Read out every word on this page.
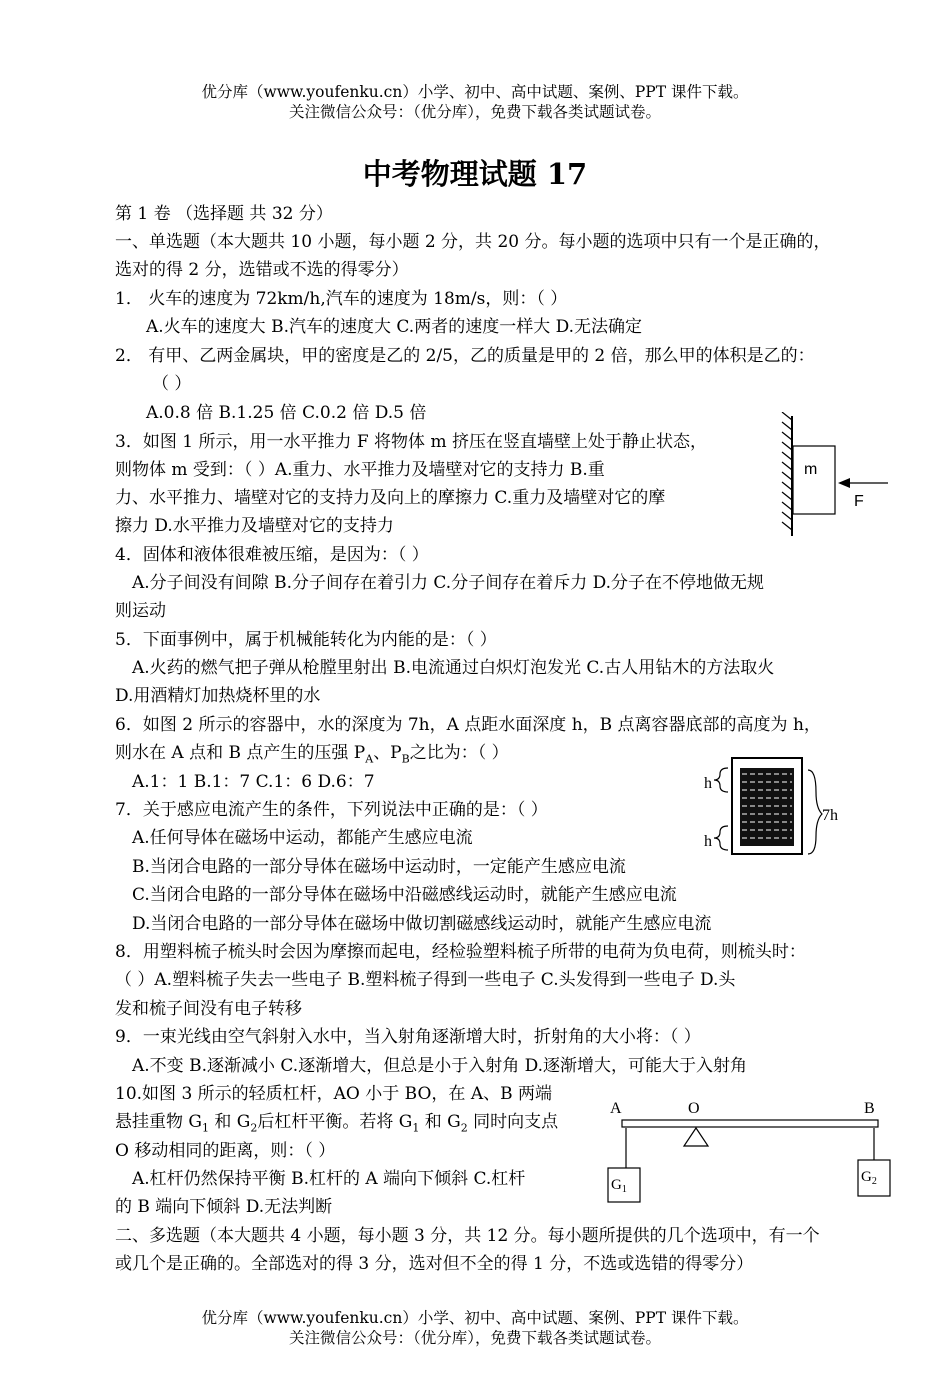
优分库（www.youfenku.cn）小学、初中、高中试题、案例、PPT 课件下载。
关注微信公众号：（优分库），免费下载各类试题试卷。
中考物理试题 17
第 1 卷 （选择题 共 32 分）
一、单选题（本大题共 10 小题，每小题 2 分，共 20 分。每小题的选项中只有一个是正确的，
选对的得 2 分，选错或不选的得零分）
1． 火车的速度为 72km/h,汽车的速度为 18m/s，则：（ ）
A.火车的速度大 B.汽车的速度大 C.两者的速度一样大 D.无法确定
2． 有甲、乙两金属块，甲的密度是乙的 2/5，乙的质量是甲的 2 倍，那么甲的体积是乙的：
（ ）
A.0.8 倍 B.1.25 倍 C.0.2 倍 D.5 倍
3．如图 1 所示，用一水平推力 F 将物体 m 挤压在竖直墙壁上处于静止状态，
则物体 m 受到：（ ）A.重力、水平推力及墙壁对它的支持力 B.重
力、水平推力、墙壁对它的支持力及向上的摩擦力 C.重力及墙壁对它的摩
擦力 D.水平推力及墙壁对它的支持力
4．固体和液体很难被压缩，是因为：（ ）
A.分子间没有间隙 B.分子间存在着引力 C.分子间存在着斥力 D.分子在不停地做无规
则运动
5．下面事例中，属于机械能转化为内能的是：（ ）
A.火药的燃气把子弹从枪膛里射出 B.电流通过白炽灯泡发光 C.古人用钻木的方法取火
D.用酒精灯加热烧杯里的水
6．如图 2 所示的容器中，水的深度为 7h，A 点距水面深度 h，B 点离容器底部的高度为 h，
则水在 A 点和 B 点产生的压强 $P_A$、$P_B$之比为：（ ）
A.1：1 B.1：7 C.1：6 D.6：7
7．关于感应电流产生的条件，下列说法中正确的是：（ ）
A.任何导体在磁场中运动，都能产生感应电流
B.当闭合电路的一部分导体在磁场中运动时，一定能产生感应电流
C.当闭合电路的一部分导体在磁场中沿磁感线运动时，就能产生感应电流
D.当闭合电路的一部分导体在磁场中做切割磁感线运动时，就能产生感应电流
8．用塑料梳子梳头时会因为摩擦而起电，经检验塑料梳子所带的电荷为负电荷，则梳头时：
（ ）A.塑料梳子失去一些电子 B.塑料梳子得到一些电子 C.头发得到一些电子 D.头
发和梳子间没有电子转移
9．一束光线由空气斜射入水中，当入射角逐渐增大时，折射角的大小将：（ ）
A.不变 B.逐渐减小 C.逐渐增大，但总是小于入射角 D.逐渐增大，可能大于入射角
10.如图 3 所示的轻质杠杆，AO 小于 BO，在 A、B 两端
悬挂重物 $G_1$ 和 $G_2$后杠杆平衡。若将 $G_1$ 和 $G_2$ 同时向支点
O 移动相同的距离，则：（ ）
A.杠杆仍然保持平衡 B.杠杆的 A 端向下倾斜 C.杠杆
的 B 端向下倾斜 D.无法判断
二、多选题（本大题共 4 小题，每小题 3 分，共 12 分。每小题所提供的几个选项中，有一个
或几个是正确的。全部选对的得 3 分，选对但不全的得 1 分，不选或选错的得零分）
m
F
h
h
7h
A	O	B
$G_1$
$G_2$
优分库（www.youfenku.cn）小学、初中、高中试题、案例、PPT 课件下载。
关注微信公众号：（优分库），免费下载各类试题试卷。
